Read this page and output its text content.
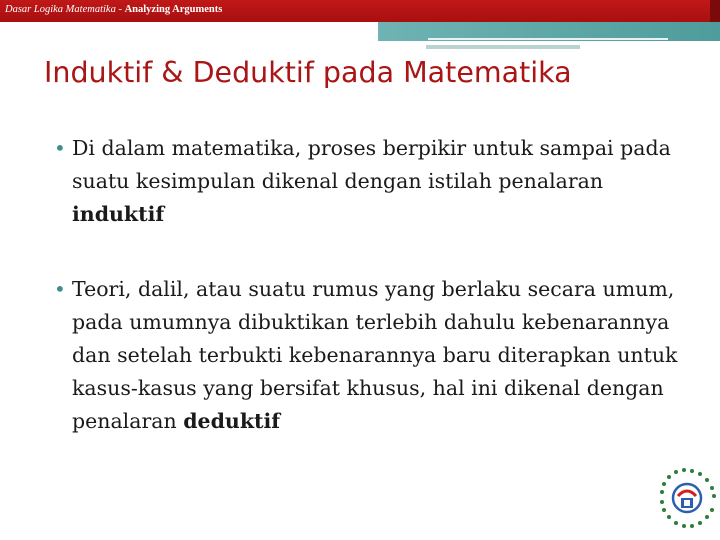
Dasar Logika Matematika - Analyzing Arguments
Induktif & Deduktif pada Matematika
• Di dalam matematika, proses berpikir untuk sampai pada suatu kesimpulan dikenal dengan istilah penalaran induktif
• Teori, dalil, atau suatu rumus yang berlaku secara umum, pada umumnya dibuktikan terlebih dahulu kebenarannya dan setelah terbukti kebenarannya baru diterapkan untuk kasus-kasus yang bersifat khusus, hal ini dikenal dengan penalaran deduktif
